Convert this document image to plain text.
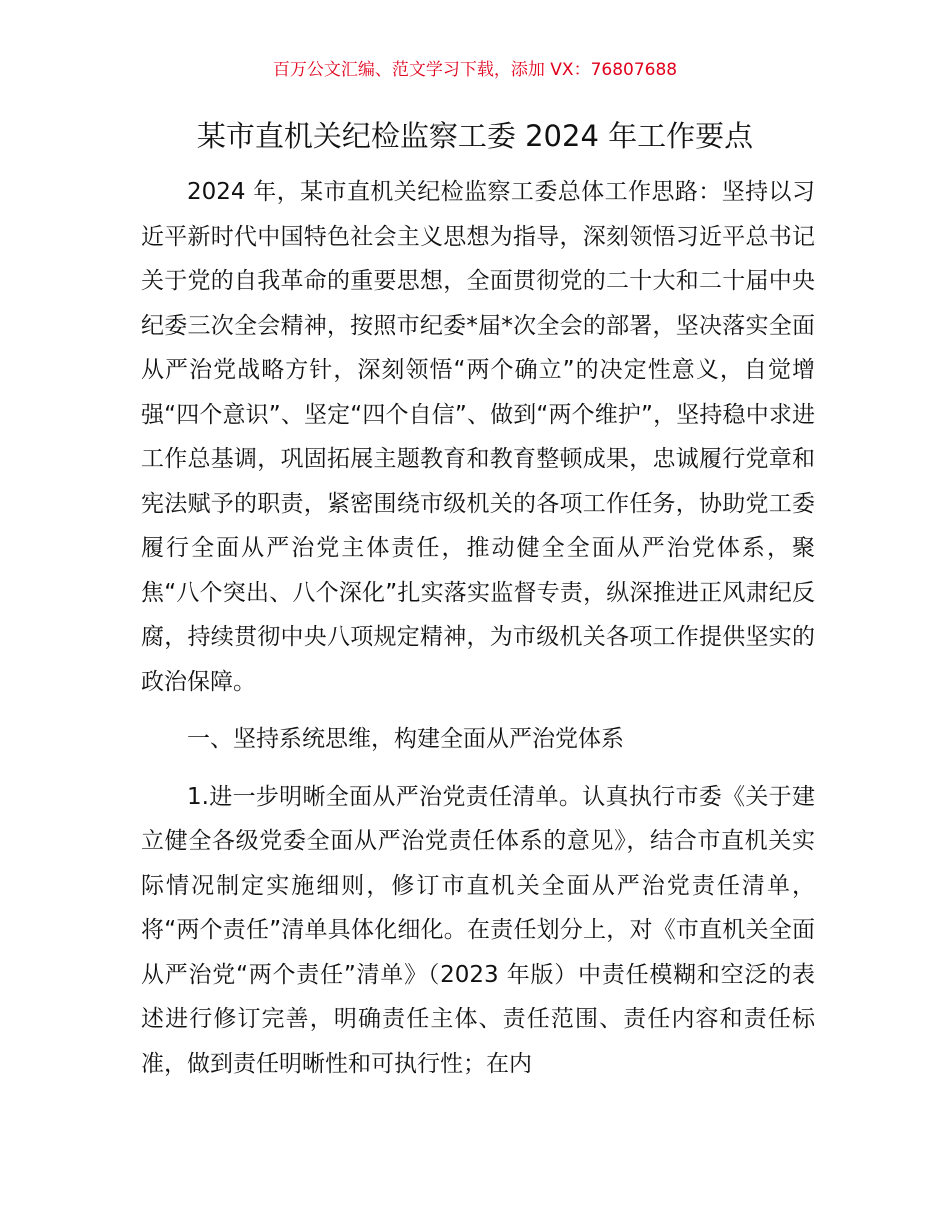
百万公文汇编、范文学习下载，添加 VX：76807688
某市直机关纪检监察工委 2024 年工作要点

2024 年，某市直机关纪检监察工委总体工作思路：坚持以习近平新时代中国特色社会主义思想为指导，深刻领悟习近平总书记关于党的自我革命的重要思想，全面贯彻党的二十大和二十届中央纪委三次全会精神，按照市纪委*届*次全会的部署，坚决落实全面从严治党战略方针，深刻领悟“两个确立”的决定性意义，自觉增强“四个意识”、坚定“四个自信”、做到“两个维护”，坚持稳中求进工作总基调，巩固拓展主题教育和教育整顿成果，忠诚履行党章和宪法赋予的职责，紧密围绕市级机关的各项工作任务，协助党工委履行全面从严治党主体责任，推动健全全面从严治党体系，聚焦“八个突出、八个深化”扎实落实监督专责，纵深推进正风肃纪反腐，持续贯彻中央八项规定精神，为市级机关各项工作提供坚实的政治保障。

一、坚持系统思维，构建全面从严治党体系

1.进一步明晰全面从严治党责任清单。认真执行市委《关于建立健全各级党委全面从严治党责任体系的意见》，结合市直机关实际情况制定实施细则，修订市直机关全面从严治党责任清单，将“两个责任”清单具体化细化。在责任划分上，对《市直机关全面从严治党“两个责任”清单》（2023 年版）中责任模糊和空泛的表述进行修订完善，明确责任主体、责任范围、责任内容和责任标准，做到责任明晰性和可执行性；在内
